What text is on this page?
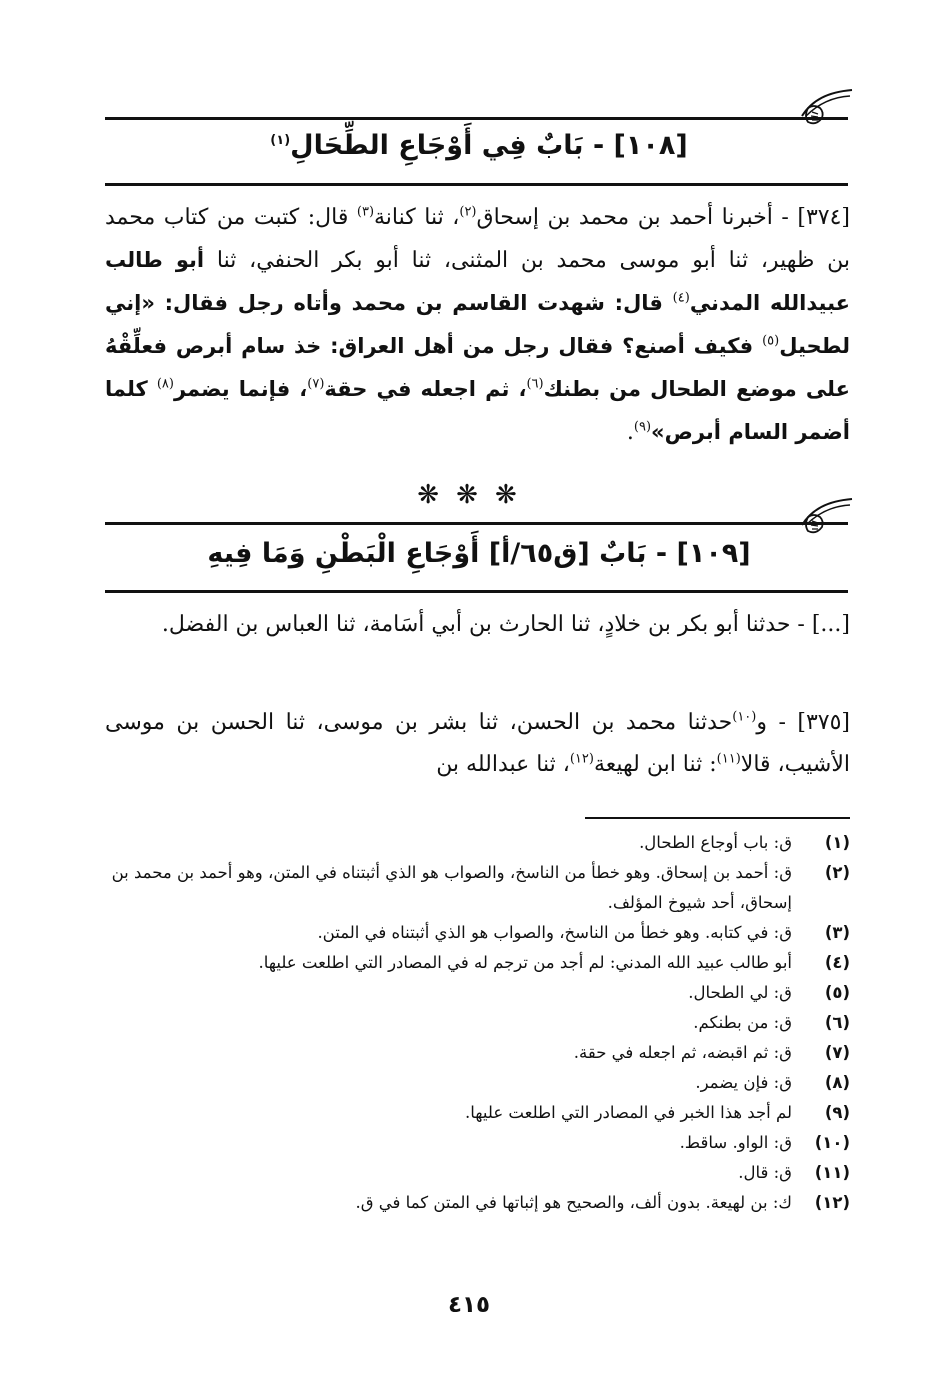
[١٠٨] - بَابٌ فِي أَوْجَاعِ الطِّحَالِ$^{(١)}$
[٣٧٤] - أخبرنا أحمد بن محمد بن إسحاق$^{(٢)}$، ثنا كنانة$^{(٣)}$ قال: كتبت من كتاب محمد بن ظهير، ثنا أبو موسى محمد بن المثنى، ثنا أبو بكر الحنفي، ثنا أبو طالب عبيدالله المدني$^{(٤)}$ قال: شهدت القاسم بن محمد وأتاه رجل فقال: «إني لطحيل$^{(٥)}$ فكيف أصنع؟ فقال رجل من أهل العراق: خذ سام أبرص فعلِّقْهُ على موضع الطحال من بطنك$^{(٦)}$، ثم اجعله في حقة$^{(٧)}$، فإنما يضمر$^{(٨)}$ كلما أضمر السام أبرص»$^{(٩)}$.
❋ ❋ ❋
[١٠٩] - بَابٌ [ق٦٥/أ] أَوْجَاعِ الْبَطْنِ وَمَا فِيهِ
[...] - حدثنا أبو بكر بن خلادٍ، ثنا الحارث بن أبي أسَامة، ثنا العباس بن الفضل.
[٣٧٥] - و$^{(١٠)}$حدثنا محمد بن الحسن، ثنا بشر بن موسى، ثنا الحسن بن موسى الأشيب، قالا$^{(١١)}$: ثنا ابن لهيعة$^{(١٢)}$، ثنا عبدالله بن
(١)
ق: باب أوجاع الطحال.
(٢)
ق: أحمد بن إسحاق. وهو خطأ من الناسخ، والصواب هو الذي أثبتناه في المتن، وهو أحمد بن محمد بن إسحاق، أحد شيوخ المؤلف.
(٣)
ق: في كتابه. وهو خطأ من الناسخ، والصواب هو الذي أثبتناه في المتن.
(٤)
أبو طالب عبيد الله المدني: لم أجد من ترجم له في المصادر التي اطلعت عليها.
(٥)
ق: لي الطحال.
(٦)
ق: من بطنكم.
(٧)
ق: ثم اقبضه، ثم اجعله في حقة.
(٨)
ق: فإن يضمر.
(٩)
لم أجد هذا الخبر في المصادر التي اطلعت عليها.
(١٠)
ق: الواو. ساقط.
(١١)
ق: قال.
(١٢)
ك: بن لهيعة. بدون ألف، والصحيح هو إثباتها في المتن كما في ق.
٤١٥
